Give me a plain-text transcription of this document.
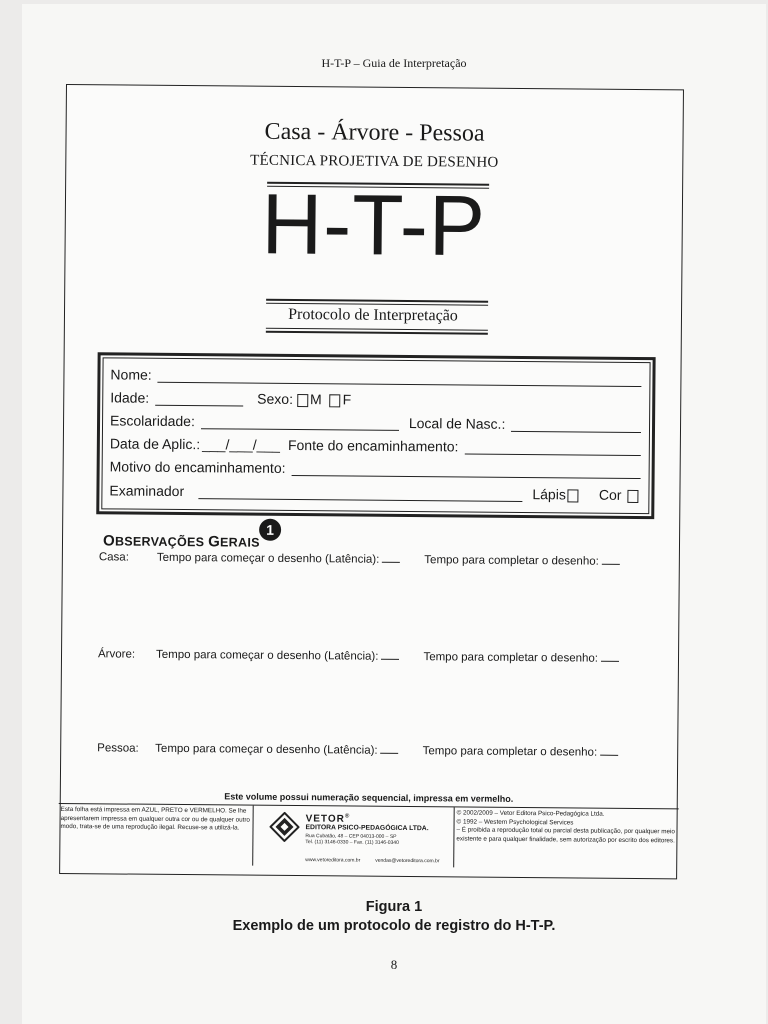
H-T-P – Guia de Interpretação
Casa - Árvore - Pessoa
TÉCNICA PROJETIVA DE DESENHO
H-T-P
Protocolo de Interpretação
Nome:
Idade:	Sexo: M F
Escolaridade:	Local de Nasc.:
Data de Aplic.: ___/___/___ Fonte do encaminhamento:
Motivo do encaminhamento:
Examinador	Lápis Cor
OBSERVAÇÕES GERAIS
1
Casa: Tempo para começar o desenho (Latência):	Tempo para completar o desenho:
Árvore: Tempo para começar o desenho (Latência):	Tempo para completar o desenho:
Pessoa: Tempo para começar o desenho (Latência):	Tempo para completar o desenho:
Este volume possui numeração sequencial, impressa em vermelho.
Esta folha está impressa em AZUL, PRETO e VERMELHO. Se lhe apresentarem impressa em qualquer outra cor ou de qualquer outro modo, trata-se de uma reprodução ilegal. Recuse-se a utilizá-la.
VETOR®
EDITORA PSICO-PEDAGÓGICA LTDA.
Rua Cubatão, 48 – CEP 04013-000 – SP
Tel. (11) 3146-0330 – Fax. (11) 3146-0340
www.vetoreditora.com.br	vendas@vetoreditora.com.br
© 2002/2009 – Vetor Editora Psico-Pedagógica Ltda.
© 1992 – Western Psychological Services
– É proibida a reprodução total ou parcial desta publicação, por qualquer meio existente e para qualquer finalidade, sem autorização por escrito dos editores.
Figura 1
Exemplo de um protocolo de registro do H-T-P.
8
